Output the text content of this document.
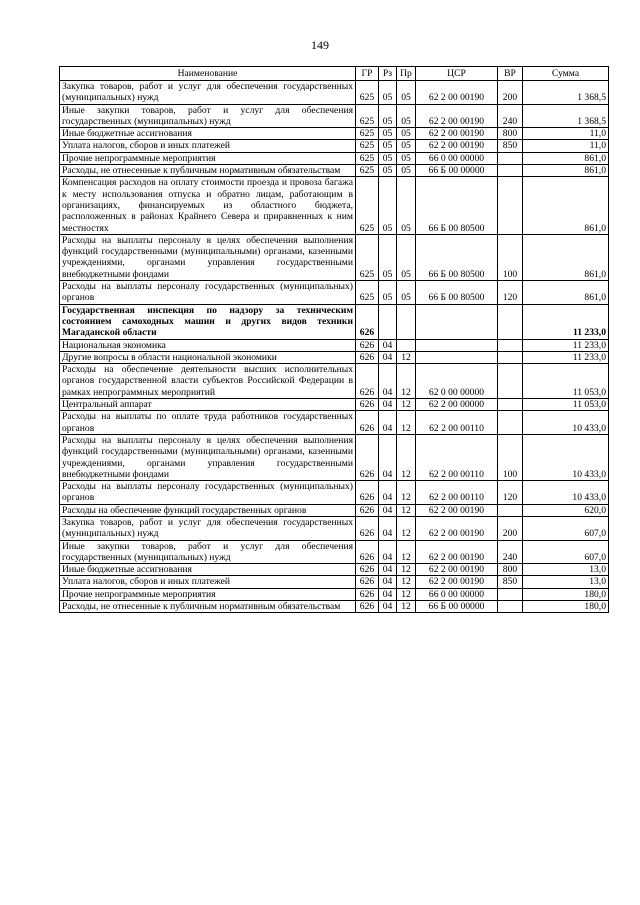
149
Наименование	ГР	Рз	Пр	ЦСР	ВР	Сумма
Закупка товаров, работ и услуг для обеспечения государственных (муниципальных) нужд	625	05	05	62 2 00 00190	200	1 368,5
Иные закупки товаров, работ и услуг для обеспечения государственных (муниципальных) нужд	625	05	05	62 2 00 00190	240	1 368,5
Иные бюджетные ассигнования	625	05	05	62 2 00 00190	800	11,0
Уплата налогов, сборов и иных платежей	625	05	05	62 2 00 00190	850	11,0
Прочие непрограммные мероприятия	625	05	05	66 0 00 00000		861,0
Расходы, не отнесенные к публичным нормативным обязательствам	625	05	05	66 Б 00 00000		861,0
Компенсация расходов на оплату стоимости проезда и провоза багажа к месту использования отпуска и обратно лицам, работающим в организациях, финансируемых из областного бюджета, расположенных в районах Крайнего Севера и приравненных к ним местностях	625	05	05	66 Б 00 80500		861,0
Расходы на выплаты персоналу в целях обеспечения выполнения функций государственными (муниципальными) органами, казенными учреждениями, органами управления государственными внебюджетными фондами	625	05	05	66 Б 00 80500	100	861,0
Расходы на выплаты персоналу государственных (муниципальных) органов	625	05	05	66 Б 00 80500	120	861,0
Государственная инспекция по надзору за техническим состоянием самоходных машин и других видов техники Магаданской области	626					11 233,0
Национальная экономика	626	04				11 233,0
Другие вопросы в области национальной экономики	626	04	12			11 233,0
Расходы на обеспечение деятельности высших исполнительных органов государственной власти субъектов Российской Федерации в рамках непрограммных мероприятий	626	04	12	62 0 00 00000		11 053,0
Центральный аппарат	626	04	12	62 2 00 00000		11 053,0
Расходы на выплаты по оплате труда работников государственных органов	626	04	12	62 2 00 00110		10 433,0
Расходы на выплаты персоналу в целях обеспечения выполнения функций государственными (муниципальными) органами, казенными учреждениями, органами управления государственными внебюджетными фондами	626	04	12	62 2 00 00110	100	10 433,0
Расходы на выплаты персоналу государственных (муниципальных) органов	626	04	12	62 2 00 00110	120	10 433,0
Расходы на обеспечение функций государственных органов	626	04	12	62 2 00 00190		620,0
Закупка товаров, работ и услуг для обеспечения государственных (муниципальных) нужд	626	04	12	62 2 00 00190	200	607,0
Иные закупки товаров, работ и услуг для обеспечения государственных (муниципальных) нужд	626	04	12	62 2 00 00190	240	607,0
Иные бюджетные ассигнования	626	04	12	62 2 00 00190	800	13,0
Уплата налогов, сборов и иных платежей	626	04	12	62 2 00 00190	850	13,0
Прочие непрограммные мероприятия	626	04	12	66 0 00 00000		180,0
Расходы, не отнесенные к публичным нормативным обязательствам	626	04	12	66 Б 00 00000		180,0
